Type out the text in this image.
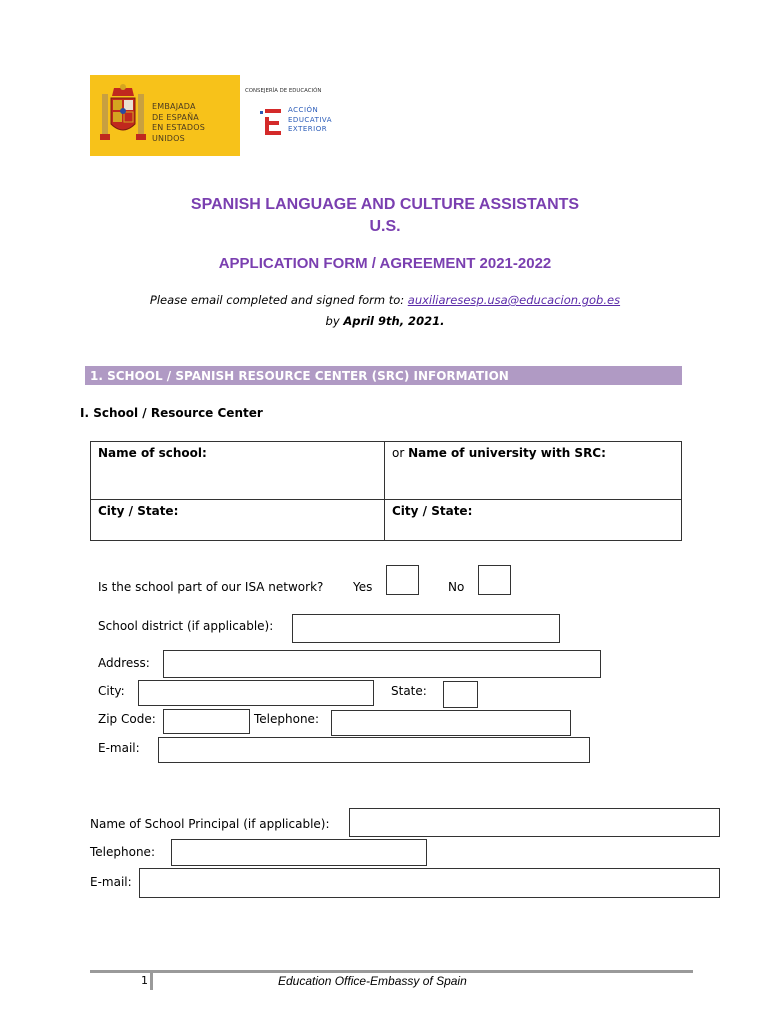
EMBAJADA
DE ESPAÑA
EN ESTADOS
UNIDOS
CONSEJERÍA DE EDUCACIÓN
ACCIÓN
EDUCATIVA
EXTERIOR
SPANISH LANGUAGE AND CULTURE ASSISTANTS
U.S.
APPLICATION FORM / AGREEMENT 2021-2022
Please email completed and signed form to: auxiliaresesp.usa@educacion.gob.es
by April 9th, 2021.
1. SCHOOL / SPANISH RESOURCE CENTER (SRC) INFORMATION
I. School / Resource Center
Name of school:	or Name of university with SRC:
City / State:	City / State:
Is the school part of our ISA network? Yes	No
School district (if applicable):
Address:
City:	State:
Zip Code:	Telephone:
E-mail:
Name of School Principal (if applicable):
Telephone:
E-mail:
1	Education Office-Embassy of Spain
